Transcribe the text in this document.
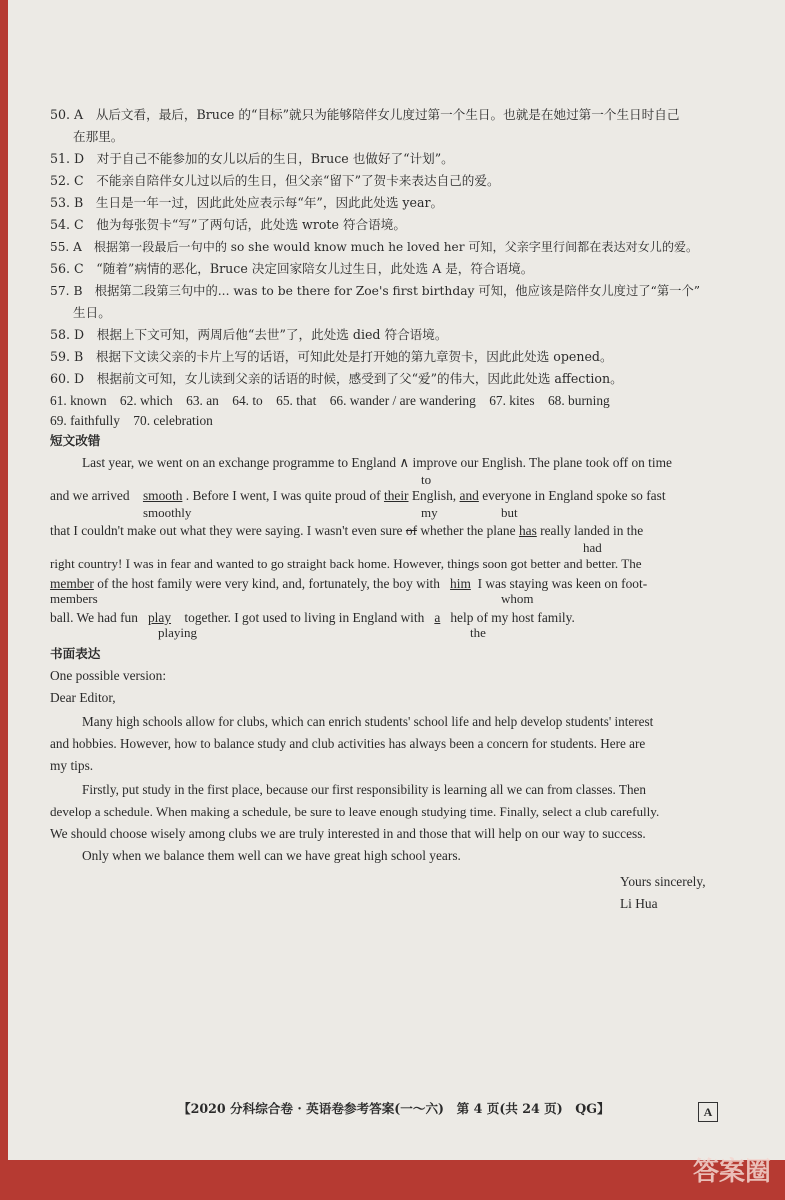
50. A　从后文看，最后，Bruce 的“目标”就只为能够陪伴女儿度过第一个生日。也就是在她过第一个生日时自己
在那里。
51. D　对于自己不能参加的女儿以后的生日，Bruce 也做好了“计划”。
52. C　不能亲自陪伴女儿过以后的生日，但父亲“留下”了贺卡来表达自己的爱。
53. B　生日是一年一过，因此此处应表示每“年”，因此此处选 year。
54. C　他为每张贺卡“写”了两句话，此处选 wrote 符合语境。
55. A　根据第一段最后一句中的 so she would know much he loved her 可知，父亲字里行间都在表达对女儿的爱。
56. C　“随着”病情的恶化，Bruce 决定回家陪女儿过生日，此处选 A 是，符合语境。
57. B　根据第二段第三句中的... was to be there for Zoe's first birthday 可知，他应该是陪伴女儿度过了“第一个”
生日。
58. D　根据上下文可知，两周后他“去世”了，此处选 died 符合语境。
59. B　根据下文读父亲的卡片上写的话语，可知此处是打开她的第九章贺卡，因此此处选 opened。
60. D　根据前文可知，女儿读到父亲的话语的时候，感受到了父“爱”的伟大，因此此处选 affection。
61. known　62. which　63. an　64. to　65. that　66. wander / are wandering　67. kites　68. burning
69. faithfully　70. celebration
短文改错
Last year, we went on an exchange programme to England ∧ improve our English. The plane took off on time
to
and we arrived smooth . Before I went, I was quite proud of their English, and everyone in England spoke so fast
smoothly	my	but
that I couldn't make out what they were saying. I wasn't even sure of whether the plane has really landed in the
had
right country! I was in fear and wanted to go straight back home. However, things soon got better and better. The
member of the host family were very kind, and, fortunately, the boy with him I was staying was keen on foot-
members	whom
ball. We had fun play together. I got used to living in England with a help of my host family.
playing	the
书面表达
One possible version:
Dear Editor,
Many high schools allow for clubs, which can enrich students' school life and help develop students' interest
and hobbies. However, how to balance study and club activities has always been a concern for students. Here are
my tips.
Firstly, put study in the first place, because our first responsibility is learning all we can from classes. Then
develop a schedule. When making a schedule, be sure to leave enough studying time. Finally, select a club carefully.
We should choose wisely among clubs we are truly interested in and those that will help on our way to success.
Only when we balance them well can we have great high school years.
Yours sincerely,
Li Hua
【2020 分科综合卷 · 英语卷参考答案(一～六)　第 4 页(共 24 页)　QG】	A
答案圈
